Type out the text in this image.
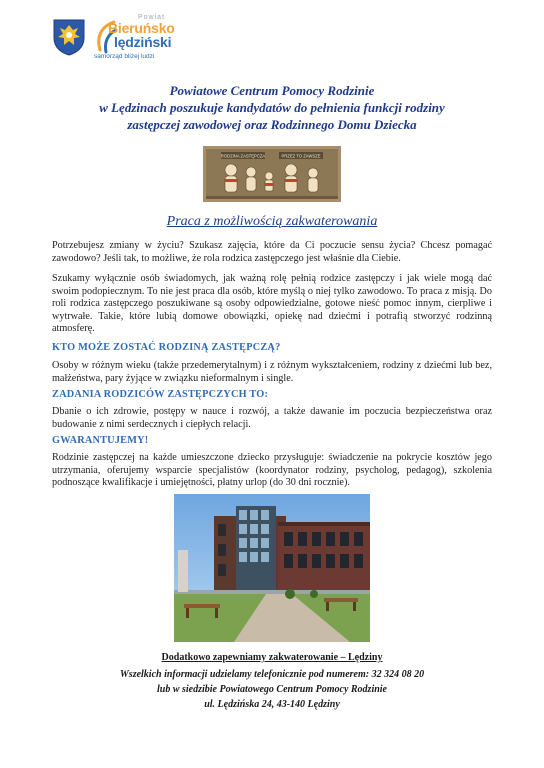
Powiat
Bieruńsko
lędziński
samorząd bliżej ludzi
Powiatowe Centrum Pomocy Rodzinie
w Lędzinach poszukuje kandydatów do pełnienia funkcji rodziny
zastępczej zawodowej oraz Rodzinnego Domu Dziecka
RODZINA ZASTĘPCZA	PRZEZ TO ZAWSZE
Praca z możliwością zakwaterowania
Potrzebujesz zmiany w życiu? Szukasz zajęcia, które da Ci poczucie sensu życia? Chcesz pomagać zawodowo? Jeśli tak, to możliwe, że rola rodzica zastępczego jest właśnie dla Ciebie.
Szukamy wyłącznie osób świadomych, jak ważną rolę pełnią rodzice zastępczy i jak wiele mogą dać swoim podopiecznym. To nie jest praca dla osób, które myślą o niej tylko zawodowo. To praca z misją. Do roli rodzica zastępczego poszukiwane są osoby odpowiedzialne, gotowe nieść pomoc innym, cierpliwe i wytrwałe. Takie, które lubią domowe obowiązki, opiekę nad dziećmi i potrafią stworzyć rodzinną atmosferę.
KTO MOŻE ZOSTAĆ RODZINĄ ZASTĘPCZĄ?
Osoby w różnym wieku (także przedemerytalnym) i z różnym wykształceniem, rodziny z dziećmi lub bez, małżeństwa, pary żyjące w związku nieformalnym i single.
ZADANIA RODZICÓW ZASTĘPCZYCH TO:
Dbanie o ich zdrowie, postępy w nauce i rozwój, a także dawanie im poczucia bezpieczeństwa oraz budowanie z nimi serdecznych i ciepłych relacji.
GWARANTUJEMY!
Rodzinie zastępczej na każde umieszczone dziecko przysługuje: świadczenie na pokrycie kosztów jego utrzymania, oferujemy wsparcie specjalistów (koordynator rodziny, psycholog, pedagog), szkolenia podnoszące kwalifikacje i umiejętności, płatny urlop (do 30 dni rocznie).
Dodatkowo zapewniamy zakwaterowanie – Lędziny
Wszelkich informacji udzielamy telefonicznie pod numerem: 32 324 08 20
lub w siedzibie Powiatowego Centrum Pomocy Rodzinie
ul. Lędzińska 24, 43-140 Lędziny
